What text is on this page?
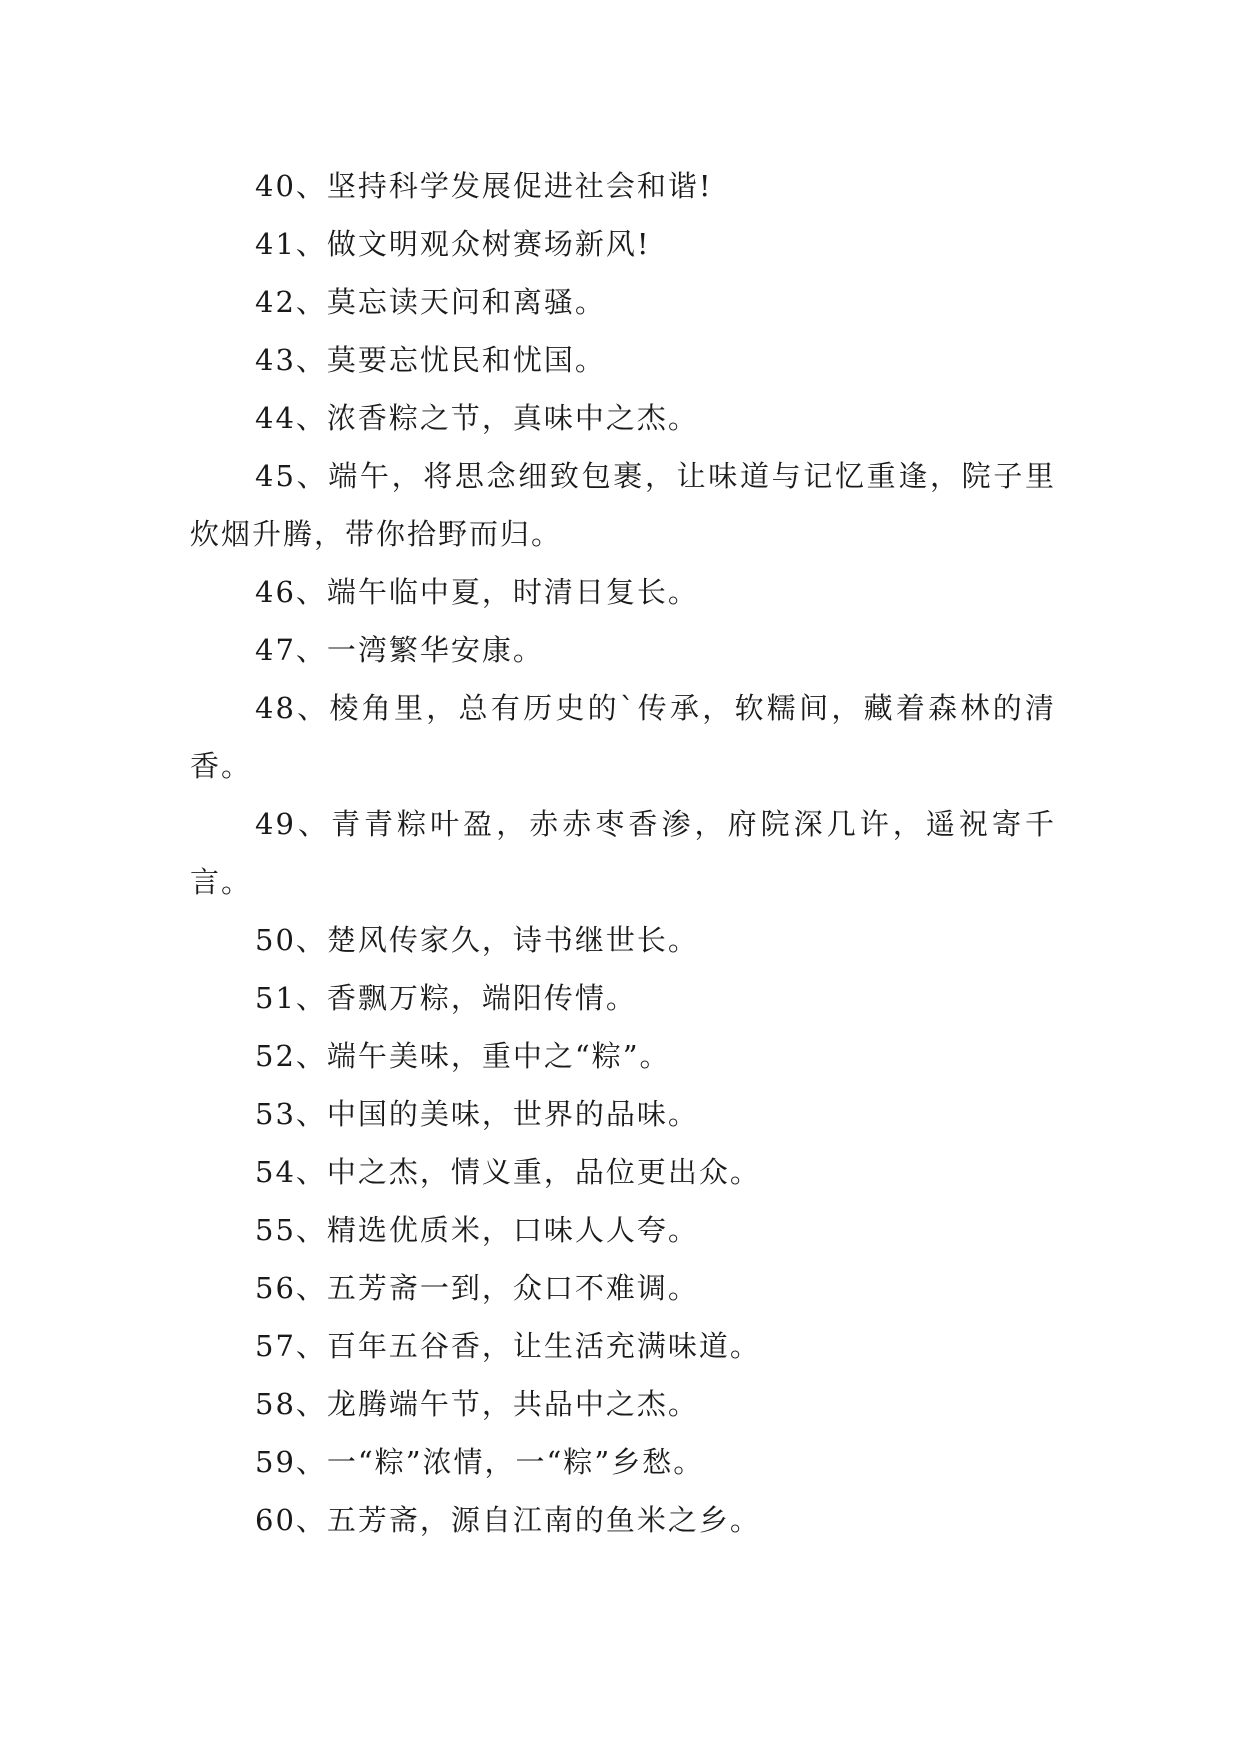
40、坚持科学发展促进社会和谐!

41、做文明观众树赛场新风!

42、莫忘读天问和离骚。

43、莫要忘忧民和忧国。

44、浓香粽之节，真味中之杰。

45、端午，将思念细致包裹，让味道与记忆重逢，院子里炊烟升腾，带你拾野而归。

46、端午临中夏，时清日复长。

47、一湾繁华安康。

48、棱角里，总有历史的`传承，软糯间，藏着森林的清香。

49、青青粽叶盈，赤赤枣香渗，府院深几许，遥祝寄千言。

50、楚风传家久，诗书继世长。

51、香飘万粽，端阳传情。

52、端午美味，重中之“粽”。

53、中国的美味，世界的品味。

54、中之杰，情义重，品位更出众。

55、精选优质米，口味人人夸。

56、五芳斋一到，众口不难调。

57、百年五谷香，让生活充满味道。

58、龙腾端午节，共品中之杰。

59、一“粽”浓情，一“粽”乡愁。

60、五芳斋，源自江南的鱼米之乡。
